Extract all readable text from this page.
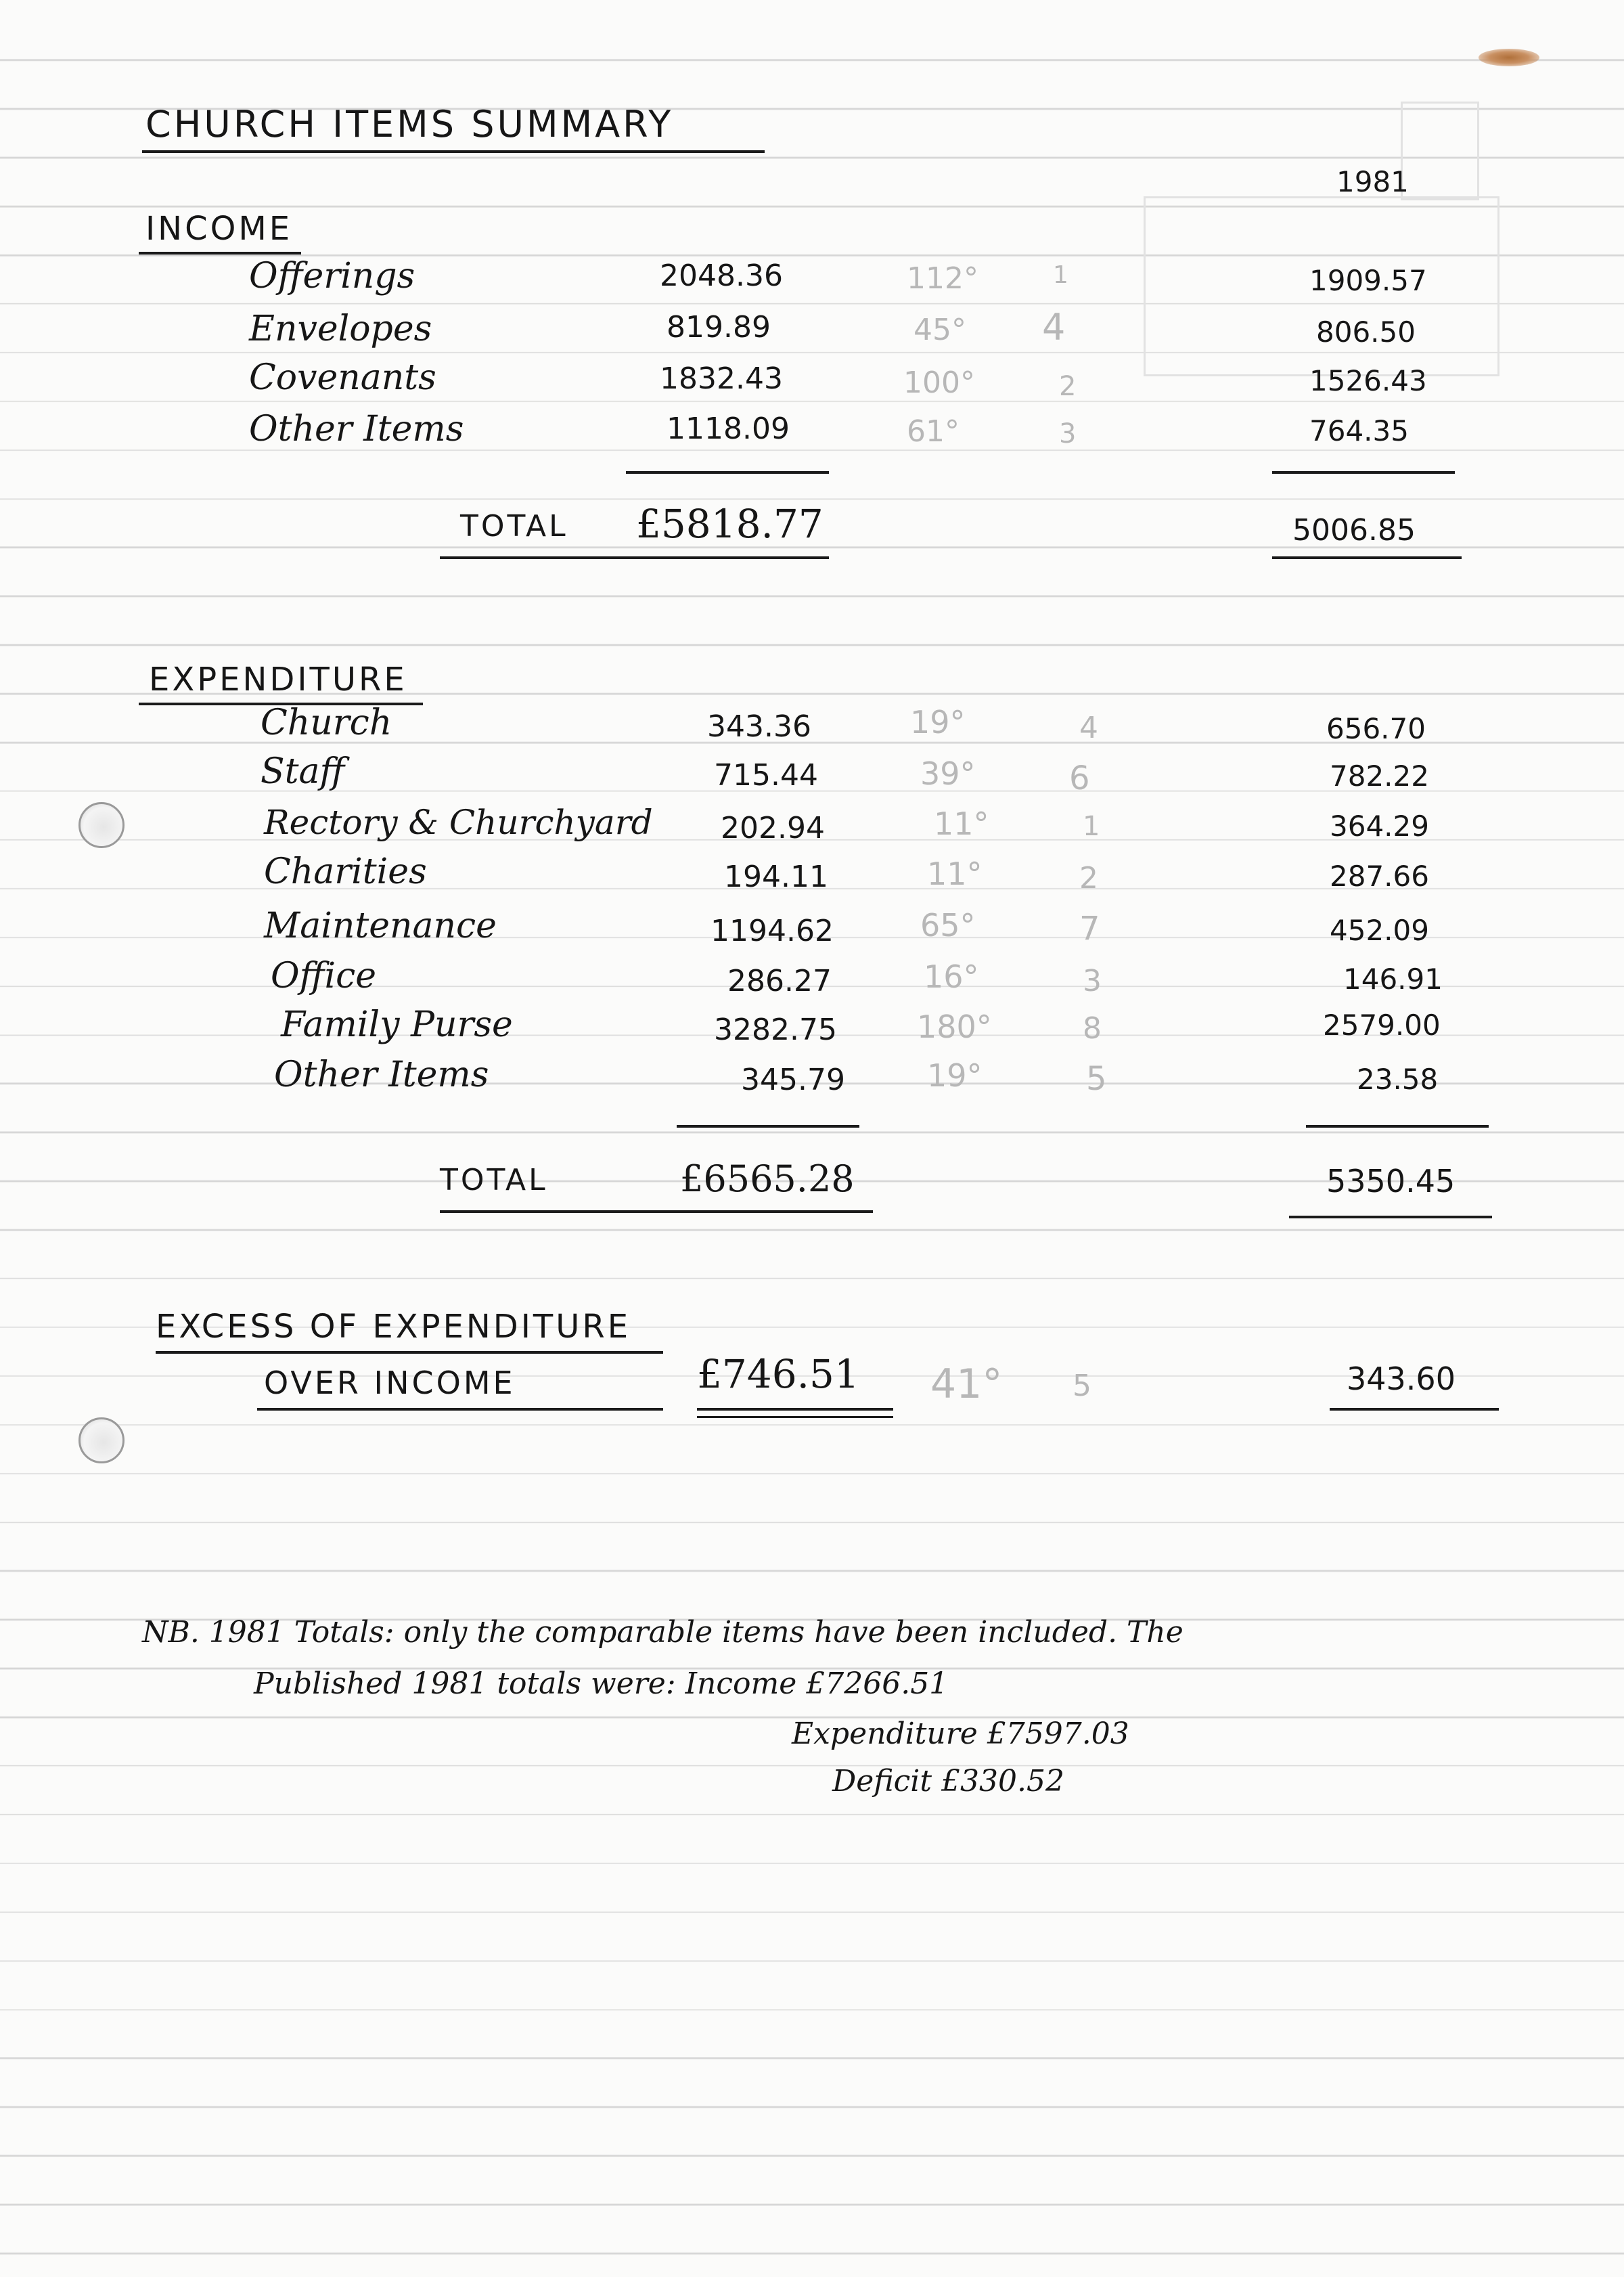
CHURCH ITEMS SUMMARY
1981
INCOME
Offerings	2048.36	112°	1	1909.57
Envelopes	819.89	45° 4	806.50
Covenants	1832.43	100°	2	1526.43
Other Items	1118.09	61°	3	764.35
TOTAL £5818.77	5006.85
EXPENDITURE
Church	343.36	19°	4	656.70
Staff	715.44	39°	6	782.22
Rectory & Churchyard 202.94	11°	1	364.29
Charities	194.11	11°	2	287.66
Maintenance	1194.62	65°	7	452.09
Office	286.27	16°	3	146.91
Family Purse	3282.75	180°	8	2579.00
Other Items	345.79	19°	5	23.58
TOTAL	£6565.28	5350.45
EXCESS OF EXPENDITURE
OVER INCOME	£746.51 41° 5	343.60
NB. 1981 Totals: only the comparable items have been included. The
Published 1981 totals were: Income £7266.51
Expenditure £7597.03
Deficit £330.52
